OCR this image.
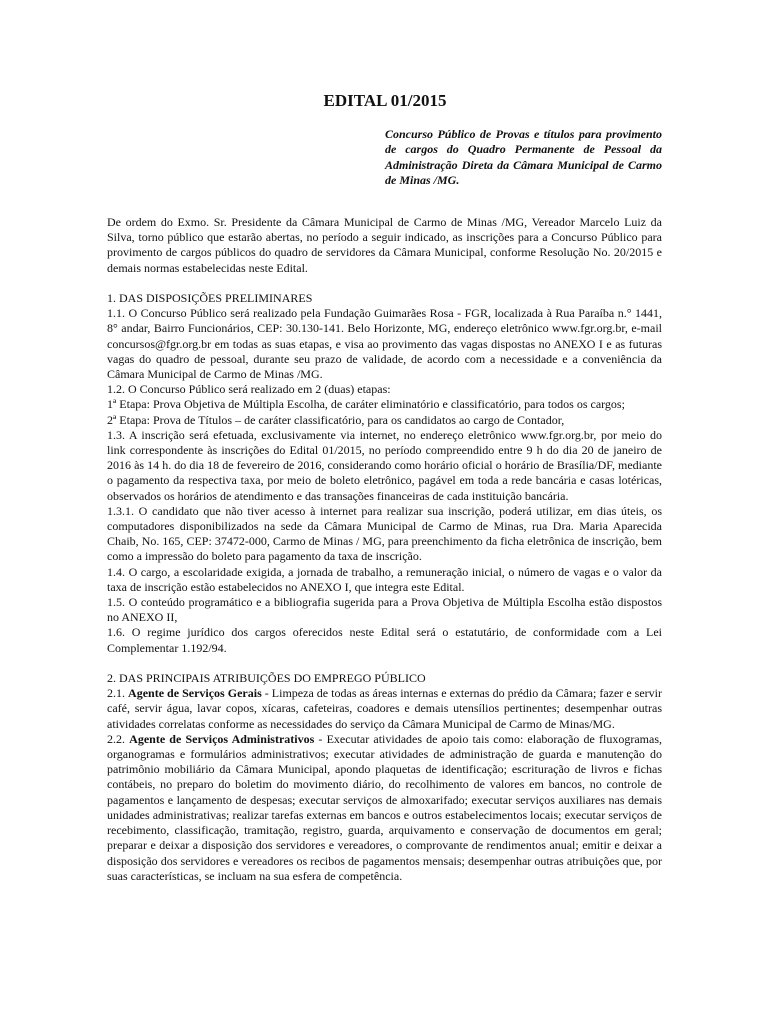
EDITAL 01/2015
Concurso Público de Provas e títulos para provimento de cargos do Quadro Permanente de Pessoal da Administração Direta da Câmara Municipal de Carmo de Minas /MG.

De ordem do Exmo. Sr. Presidente da Câmara Municipal de Carmo de Minas /MG, Vereador Marcelo Luiz da Silva, torno público que estarão abertas, no período a seguir indicado, as inscrições para a Concurso Público para provimento de cargos públicos do quadro de servidores da Câmara Municipal, conforme Resolução No. 20/2015 e demais normas estabelecidas neste Edital.

1. DAS DISPOSIÇÕES PRELIMINARES

1.1. O Concurso Público será realizado pela Fundação Guimarães Rosa - FGR, localizada à Rua Paraíba n.° 1441, 8° andar, Bairro Funcionários, CEP: 30.130-141. Belo Horizonte, MG, endereço eletrônico www.fgr.org.br, e-mail concursos@fgr.org.br em todas as suas etapas, e visa ao provimento das vagas dispostas no ANEXO I e as futuras vagas do quadro de pessoal, durante seu prazo de validade, de acordo com a necessidade e a conveniência da Câmara Municipal de Carmo de Minas /MG.

1.2. O Concurso Público será realizado em 2 (duas) etapas:

1ª Etapa: Prova Objetiva de Múltipla Escolha, de caráter eliminatório e classificatório, para todos os cargos;

2ª Etapa: Prova de Títulos – de caráter classificatório, para os candidatos ao cargo de Contador,

1.3. A inscrição será efetuada, exclusivamente via internet, no endereço eletrônico www.fgr.org.br, por meio do link correspondente às inscrições do Edital 01/2015, no período compreendido entre 9 h do dia 20 de janeiro de 2016 às 14 h. do dia 18 de fevereiro de 2016, considerando como horário oficial o horário de Brasília/DF, mediante o pagamento da respectiva taxa, por meio de boleto eletrônico, pagável em toda a rede bancária e casas lotéricas, observados os horários de atendimento e das transações financeiras de cada instituição bancária.

1.3.1. O candidato que não tiver acesso à internet para realizar sua inscrição, poderá utilizar, em dias úteis, os computadores disponibilizados na sede da Câmara Municipal de Carmo de Minas, rua Dra. Maria Aparecida Chaib, No. 165, CEP: 37472-000, Carmo de Minas / MG, para preenchimento da ficha eletrônica de inscrição, bem como a impressão do boleto para pagamento da taxa de inscrição.

1.4. O cargo, a escolaridade exigida, a jornada de trabalho, a remuneração inicial, o número de vagas e o valor da taxa de inscrição estão estabelecidos no ANEXO I, que integra este Edital.

1.5. O conteúdo programático e a bibliografia sugerida para a Prova Objetiva de Múltipla Escolha estão dispostos no ANEXO II,

1.6. O regime jurídico dos cargos oferecidos neste Edital será o estatutário, de conformidade com a Lei Complementar 1.192/94.

2. DAS PRINCIPAIS ATRIBUIÇÕES DO EMPREGO PÚBLICO

2.1. Agente de Serviços Gerais - Limpeza de todas as áreas internas e externas do prédio da Câmara; fazer e servir café, servir água, lavar copos, xícaras, cafeteiras, coadores e demais utensílios pertinentes; desempenhar outras atividades correlatas conforme as necessidades do serviço da Câmara Municipal de Carmo de Minas/MG.

2.2. Agente de Serviços Administrativos - Executar atividades de apoio tais como: elaboração de fluxogramas, organogramas e formulários administrativos; executar atividades de administração de guarda e manutenção do patrimônio mobiliário da Câmara Municipal, apondo plaquetas de identificação; escrituração de livros e fichas contábeis, no preparo do boletim do movimento diário, do recolhimento de valores em bancos, no controle de pagamentos e lançamento de despesas; executar serviços de almoxarifado; executar serviços auxiliares nas demais unidades administrativas; realizar tarefas externas em bancos e outros estabelecimentos locais; executar serviços de recebimento, classificação, tramitação, registro, guarda, arquivamento e conservação de documentos em geral; preparar e deixar a disposição dos servidores e vereadores, o comprovante de rendimentos anual; emitir e deixar a disposição dos servidores e vereadores os recibos de pagamentos mensais; desempenhar outras atribuições que, por suas características, se incluam na sua esfera de competência.
